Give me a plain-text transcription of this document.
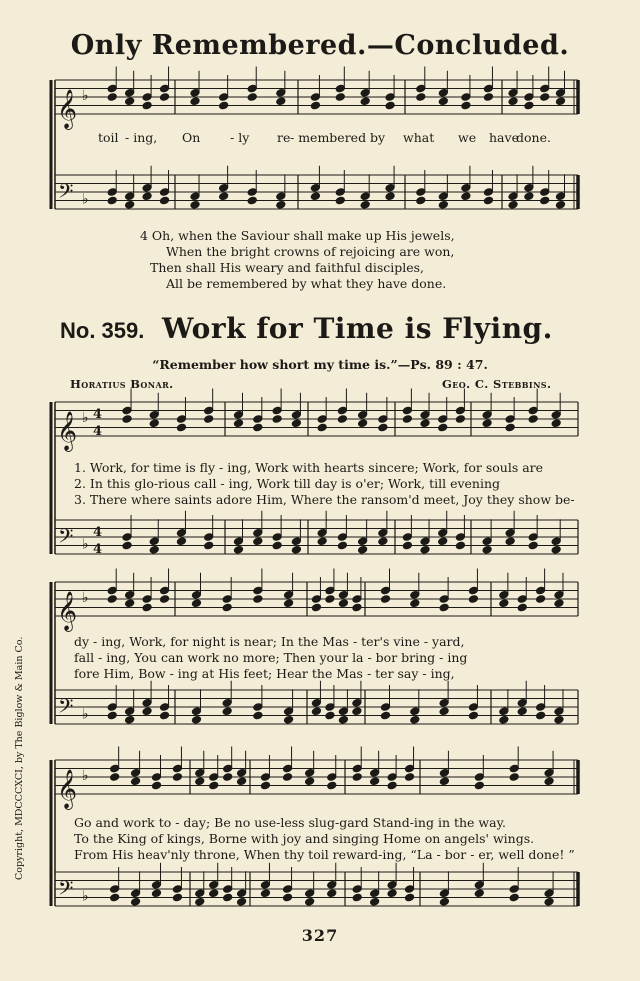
Only Remembered.—Concluded.
toil - ing, On - ly re - membered by what we have
done.
4 Oh, when the Saviour shall make up His jewels,
When the bright crowns of rejoicing are won,
Then shall His weary and faithful disciples,
All be remembered by what they have done.
No. 359. Work for Time is Flying.
“Remember how short my time is.”—Ps. 89 : 47.
Horatius Bonar.	Geo. C. Stebbins.
1. Work, for time is fly - ing, Work with hearts sincere; Work, for souls are
2. In this glo-rious call - ing, Work till day is o'er; Work, till evening
3. There where saints adore Him, Where the ransom'd meet, Joy they show be-
dy - ing, Work, for night is near; In the Mas - ter's vine - yard,
fall - ing, You can work no more; Then your la - bor bring - ing
fore Him, Bow - ing at His feet; Hear the Mas - ter say - ing,
Go and work to - day; Be no use-less slug-gard Stand-ing in the way.
To the King of kings, Borne with joy and singing Home on angels' wings.
From His heav'nly throne, When thy toil reward-ing, “La - bor - er, well done! ”
Copyright, MDCCCXCI, by The Biglow & Main Co.
327
𝄞
𝄢
♭
♭
𝄞
𝄢
♭
♭
4
4
4
4
𝄞
𝄢
♭
♭
𝄞
𝄢
♭
♭
